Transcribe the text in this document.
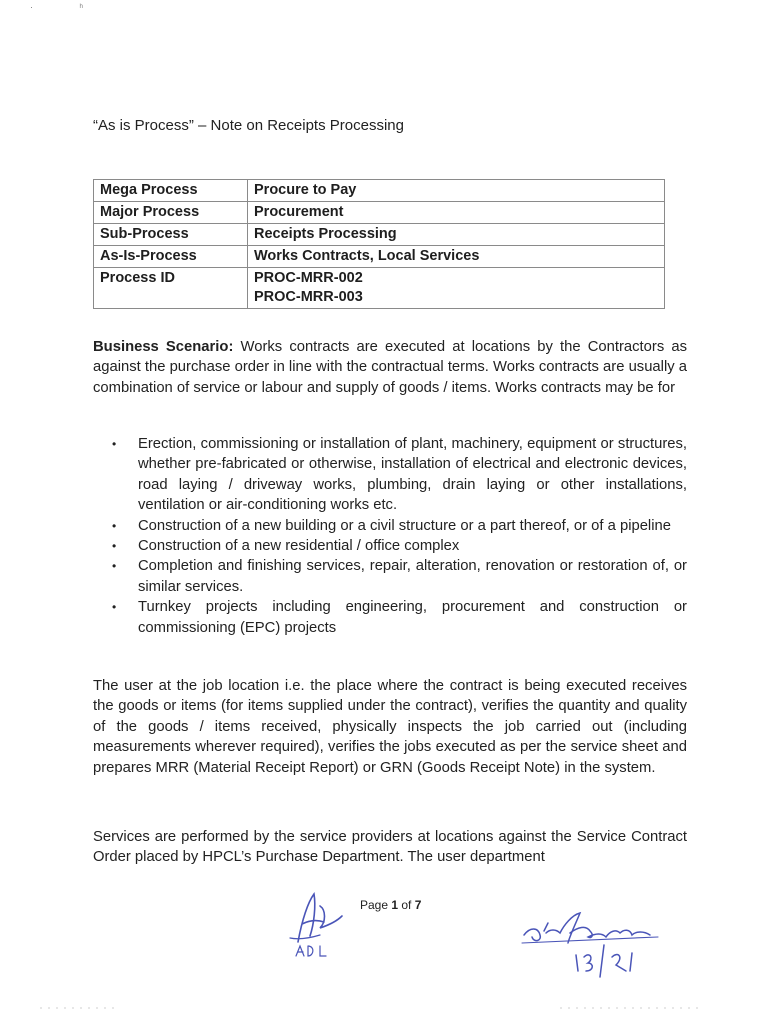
· ʰ
“As is Process” – Note on Receipts Processing
Mega Process	Procure to Pay
Major Process	Procurement
Sub-Process	Receipts Processing
As-Is-Process	Works Contracts, Local Services
Process ID	PROC-MRR-002
PROC-MRR-003
Business Scenario: Works contracts are executed at locations by the Contractors as against the purchase order in line with the contractual terms. Works contracts are usually a combination of service or labour and supply of goods / items. Works contracts may be for
• Erection, commissioning or installation of plant, machinery, equipment or structures, whether pre-fabricated or otherwise, installation of electrical and electronic devices, road laying / driveway works, plumbing, drain laying or other installations, ventilation or air-conditioning works etc.
• Construction of a new building or a civil structure or a part thereof, or of a pipeline
• Construction of a new residential / office complex
• Completion and finishing services, repair, alteration, renovation or restoration of, or similar services.
• Turnkey projects including engineering, procurement and construction or commissioning (EPC) projects
The user at the job location i.e. the place where the contract is being executed receives the goods or items (for items supplied under the contract), verifies the quantity and quality of the goods / items received, physically inspects the job carried out (including measurements wherever required), verifies the jobs executed as per the service sheet and prepares MRR (Material Receipt Report) or GRN (Goods Receipt Note) in the system.
Services are performed by the service providers at locations against the Service Contract Order placed by HPCL’s Purchase Department. The user department
Page 1 of 7
